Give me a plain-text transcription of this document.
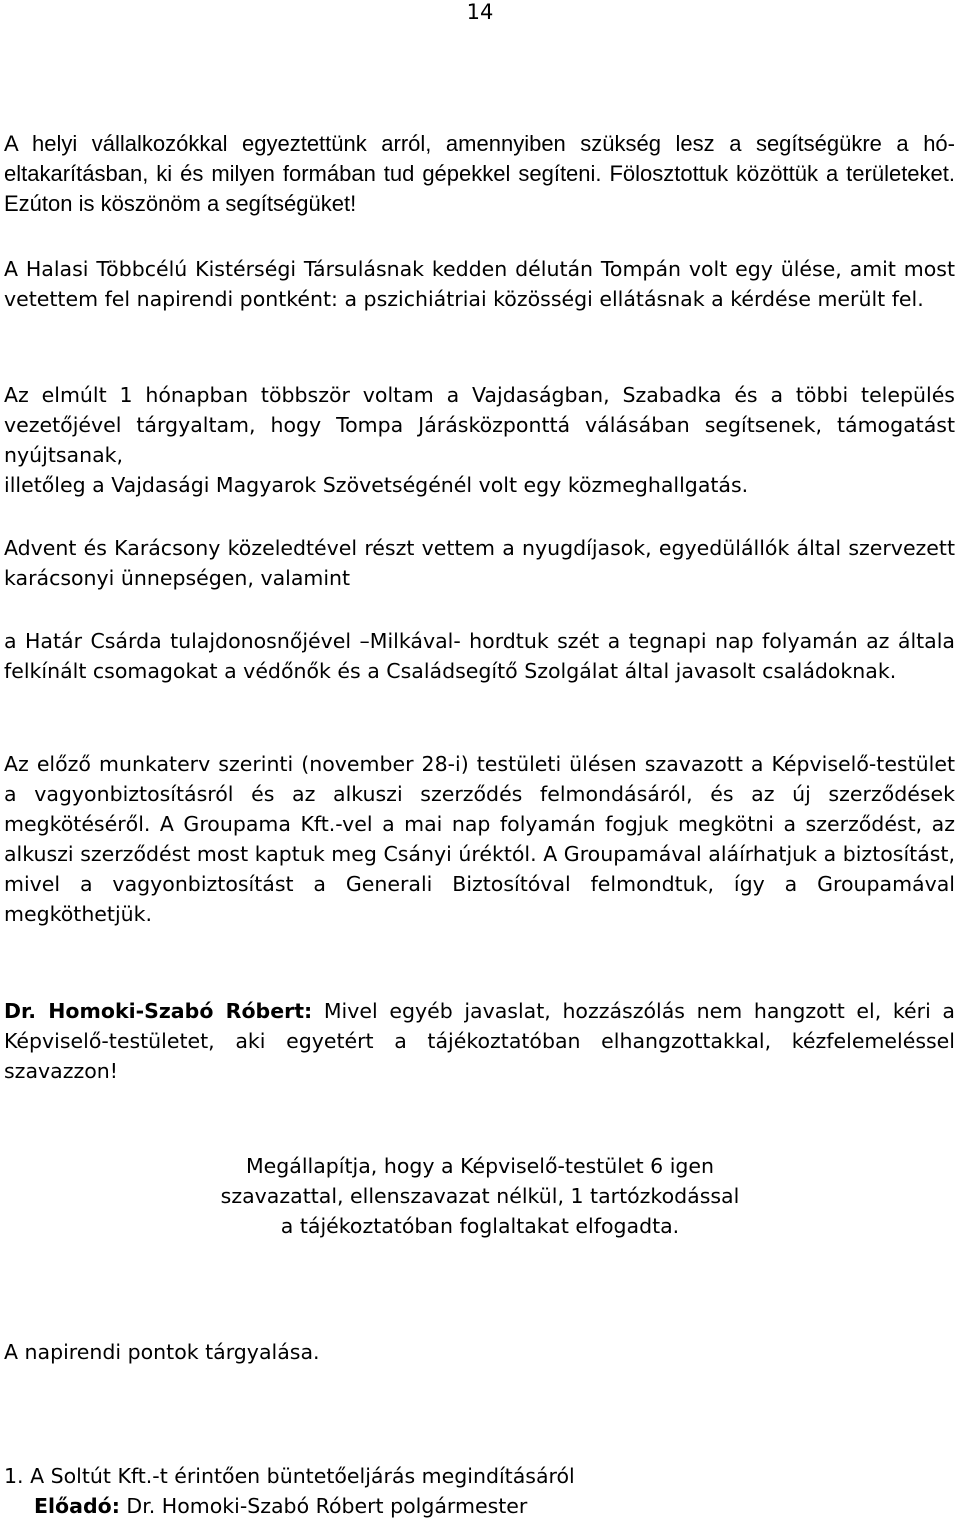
14
A helyi vállalkozókkal egyeztettünk arról, amennyiben szükség lesz a segítségükre a hó-eltakarításban, ki és milyen formában tud gépekkel segíteni. Fölosztottuk közöttük a területeket. Ezúton is köszönöm a segítségüket!
A Halasi Többcélú Kistérségi Társulásnak kedden délután Tompán volt egy ülése, amit most vetettem fel napirendi pontként: a pszichiátriai közösségi ellátásnak a kérdése merült fel.
Az elmúlt 1 hónapban többször voltam a Vajdaságban, Szabadka és a többi település vezetőjével tárgyaltam, hogy Tompa Járásközponttá válásában segítsenek, támogatást nyújtsanak,
illetőleg a Vajdasági Magyarok Szövetségénél volt egy közmeghallgatás.
Advent és Karácsony közeledtével részt vettem a nyugdíjasok, egyedülállók által szervezett karácsonyi ünnepségen, valamint
a Határ Csárda tulajdonosnőjével –Milkával- hordtuk szét a tegnapi nap folyamán az általa felkínált csomagokat a védőnők és a Családsegítő Szolgálat által javasolt családoknak.
Az előző munkaterv szerinti (november 28-i) testületi ülésen szavazott a Képviselő-testület a vagyonbiztosításról és az alkuszi szerződés felmondásáról, és az új szerződések megkötéséről. A Groupama Kft.-vel a mai nap folyamán fogjuk megkötni a szerződést, az alkuszi szerződést most kaptuk meg Csányi úréktól. A Groupamával aláírhatjuk a biztosítást, mivel a vagyonbiztosítást a Generali Biztosítóval felmondtuk, így a Groupamával megköthetjük.
Dr. Homoki-Szabó Róbert: Mivel egyéb javaslat, hozzászólás nem hangzott el, kéri a Képviselő-testületet, aki egyetért a tájékoztatóban elhangzottakkal, kézfelemeléssel szavazzon!
Megállapítja, hogy a Képviselő-testület 6 igen
szavazattal, ellenszavazat nélkül, 1 tartózkodással
a tájékoztatóban foglaltakat elfogadta.
A napirendi pontok tárgyalása.
1. A Soltút Kft.-t érintően büntetőeljárás megindításáról
Előadó: Dr. Homoki-Szabó Róbert polgármester
